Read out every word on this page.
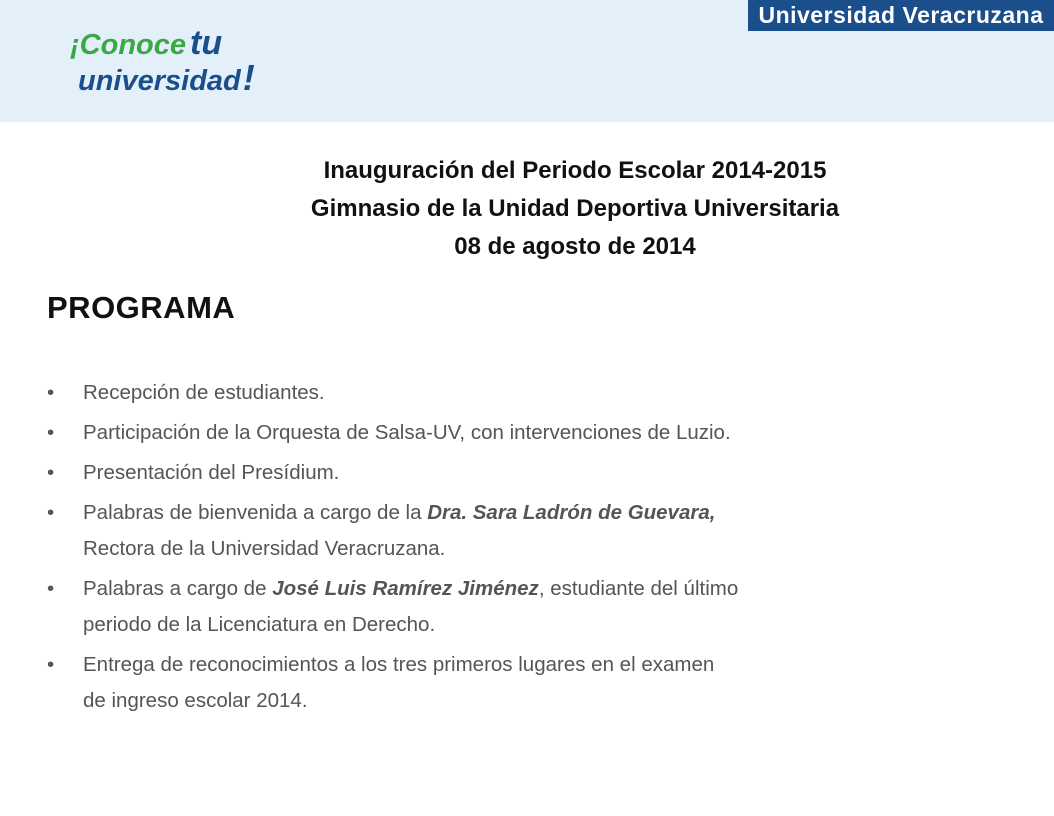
Universidad Veracruzana
¡Conoce tu
universidad!
Inauguración del Periodo Escolar 2014-2015
Gimnasio de la Unidad Deportiva Universitaria
08 de agosto de 2014
PROGRAMA
• Recepción de estudiantes.
• Participación de la Orquesta de Salsa-UV, con intervenciones de Luzio.
• Presentación del Presídium.
• Palabras de bienvenida a cargo de la Dra. Sara Ladrón de Guevara,
Rectora de la Universidad Veracruzana.
• Palabras a cargo de José Luis Ramírez Jiménez, estudiante del último
periodo de la Licenciatura en Derecho.
• Entrega de reconocimientos a los tres primeros lugares en el examen
de ingreso escolar 2014.
